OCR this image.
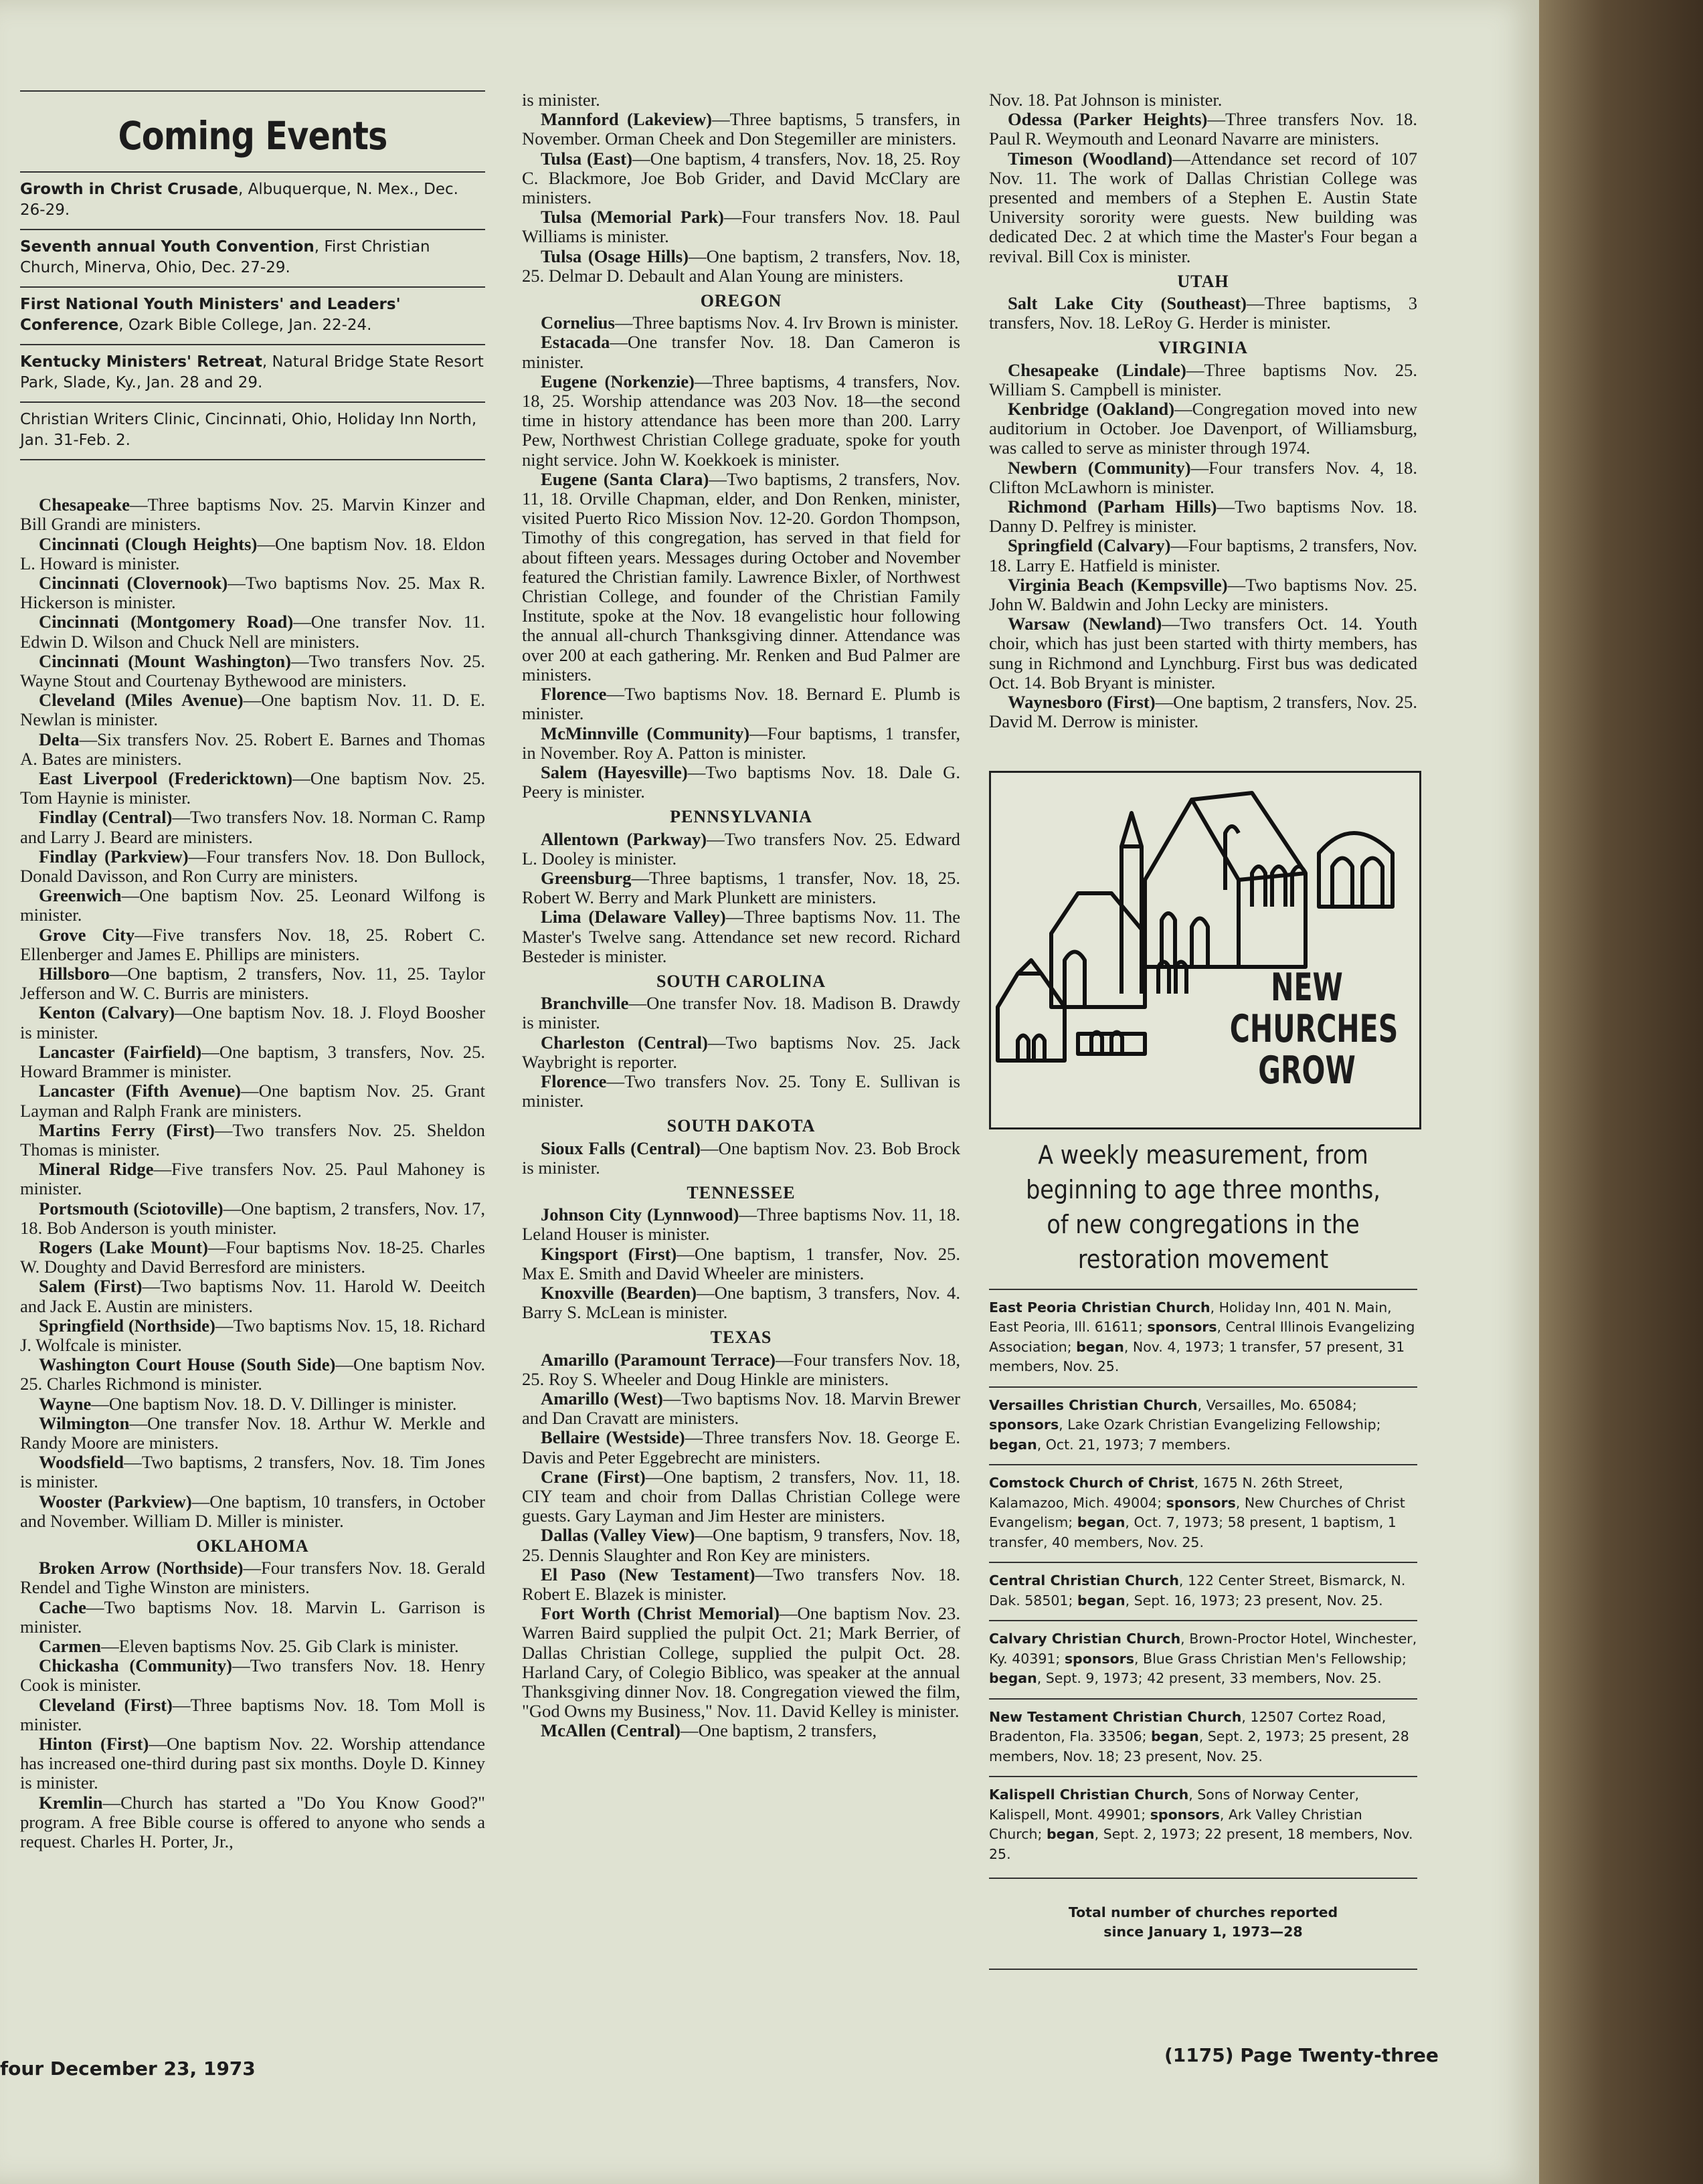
Coming Events
Growth in Christ Crusade, Albuquerque, N. Mex., Dec. 26-29.
Seventh annual Youth Convention, First Christian Church, Minerva, Ohio, Dec. 27-29.
First National Youth Ministers' and Leaders' Conference, Ozark Bible College, Jan. 22-24.
Kentucky Ministers' Retreat, Natural Bridge State Resort Park, Slade, Ky., Jan. 28 and 29.
Christian Writers Clinic, Cincinnati, Ohio, Holiday Inn North, Jan. 31-Feb. 2.

Chesapeake—Three baptisms Nov. 25. Marvin Kinzer and Bill Grandi are ministers.

Cincinnati (Clough Heights)—One baptism Nov. 18. Eldon L. Howard is minister.

Cincinnati (Clovernook)—Two baptisms Nov. 25. Max R. Hickerson is minister.

Cincinnati (Montgomery Road)—One transfer Nov. 11. Edwin D. Wilson and Chuck Nell are ministers.

Cincinnati (Mount Washington)—Two transfers Nov. 25. Wayne Stout and Courtenay Bythewood are ministers.

Cleveland (Miles Avenue)—One baptism Nov. 11. D. E. Newlan is minister.

Delta—Six transfers Nov. 25. Robert E. Barnes and Thomas A. Bates are ministers.

East Liverpool (Fredericktown)—One baptism Nov. 25. Tom Haynie is minister.

Findlay (Central)—Two transfers Nov. 18. Norman C. Ramp and Larry J. Beard are ministers.

Findlay (Parkview)—Four transfers Nov. 18. Don Bullock, Donald Davisson, and Ron Curry are ministers.

Greenwich—One baptism Nov. 25. Leonard Wilfong is minister.

Grove City—Five transfers Nov. 18, 25. Robert C. Ellenberger and James E. Phillips are ministers.

Hillsboro—One baptism, 2 transfers, Nov. 11, 25. Taylor Jefferson and W. C. Burris are ministers.

Kenton (Calvary)—One baptism Nov. 18. J. Floyd Boosher is minister.

Lancaster (Fairfield)—One baptism, 3 transfers, Nov. 25. Howard Brammer is minister.

Lancaster (Fifth Avenue)—One baptism Nov. 25. Grant Layman and Ralph Frank are ministers.

Martins Ferry (First)—Two transfers Nov. 25. Sheldon Thomas is minister.

Mineral Ridge—Five transfers Nov. 25. Paul Mahoney is minister.

Portsmouth (Sciotoville)—One baptism, 2 transfers, Nov. 17, 18. Bob Anderson is youth minister.

Rogers (Lake Mount)—Four baptisms Nov. 18-25. Charles W. Doughty and David Berresford are ministers.

Salem (First)—Two baptisms Nov. 11. Harold W. Deeitch and Jack E. Austin are ministers.

Springfield (Northside)—Two baptisms Nov. 15, 18. Richard J. Wolfcale is minister.

Washington Court House (South Side)—One baptism Nov. 25. Charles Richmond is minister.

Wayne—One baptism Nov. 18. D. V. Dillinger is minister.

Wilmington—One transfer Nov. 18. Arthur W. Merkle and Randy Moore are ministers.

Woodsfield—Two baptisms, 2 transfers, Nov. 18. Tim Jones is minister.

Wooster (Parkview)—One baptism, 10 transfers, in October and November. William D. Miller is minister.

OKLAHOMA

Broken Arrow (Northside)—Four transfers Nov. 18. Gerald Rendel and Tighe Winston are ministers.

Cache—Two baptisms Nov. 18. Marvin L. Garrison is minister.

Carmen—Eleven baptisms Nov. 25. Gib Clark is minister.

Chickasha (Community)—Two transfers Nov. 18. Henry Cook is minister.

Cleveland (First)—Three baptisms Nov. 18. Tom Moll is minister.

Hinton (First)—One baptism Nov. 22. Worship attendance has increased one-third during past six months. Doyle D. Kinney is minister.

Kremlin—Church has started a "Do You Know Good?" program. A free Bible course is offered to anyone who sends a request. Charles H. Porter, Jr.,

is minister.

Mannford (Lakeview)—Three baptisms, 5 transfers, in November. Orman Cheek and Don Stegemiller are ministers.

Tulsa (East)—One baptism, 4 transfers, Nov. 18, 25. Roy C. Blackmore, Joe Bob Grider, and David McClary are ministers.

Tulsa (Memorial Park)—Four transfers Nov. 18. Paul Williams is minister.

Tulsa (Osage Hills)—One baptism, 2 transfers, Nov. 18, 25. Delmar D. Debault and Alan Young are ministers.

OREGON

Cornelius—Three baptisms Nov. 4. Irv Brown is minister.

Estacada—One transfer Nov. 18. Dan Cameron is minister.

Eugene (Norkenzie)—Three baptisms, 4 transfers, Nov. 18, 25. Worship attendance was 203 Nov. 18—the second time in history attendance has been more than 200. Larry Pew, Northwest Christian College graduate, spoke for youth night service. John W. Koekkoek is minister.

Eugene (Santa Clara)—Two baptisms, 2 transfers, Nov. 11, 18. Orville Chapman, elder, and Don Renken, minister, visited Puerto Rico Mission Nov. 12-20. Gordon Thompson, Timothy of this congregation, has served in that field for about fifteen years. Messages during October and November featured the Christian family. Lawrence Bixler, of Northwest Christian College, and founder of the Christian Family Institute, spoke at the Nov. 18 evangelistic hour following the annual all-church Thanksgiving dinner. Attendance was over 200 at each gathering. Mr. Renken and Bud Palmer are ministers.

Florence—Two baptisms Nov. 18. Bernard E. Plumb is minister.

McMinnville (Community)—Four baptisms, 1 transfer, in November. Roy A. Patton is minister.

Salem (Hayesville)—Two baptisms Nov. 18. Dale G. Peery is minister.

PENNSYLVANIA

Allentown (Parkway)—Two transfers Nov. 25. Edward L. Dooley is minister.

Greensburg—Three baptisms, 1 transfer, Nov. 18, 25. Robert W. Berry and Mark Plunkett are ministers.

Lima (Delaware Valley)—Three baptisms Nov. 11. The Master's Twelve sang. Attendance set new record. Richard Besteder is minister.

SOUTH CAROLINA

Branchville—One transfer Nov. 18. Madison B. Drawdy is minister.

Charleston (Central)—Two baptisms Nov. 25. Jack Waybright is reporter.

Florence—Two transfers Nov. 25. Tony E. Sullivan is minister.

SOUTH DAKOTA

Sioux Falls (Central)—One baptism Nov. 23. Bob Brock is minister.

TENNESSEE

Johnson City (Lynnwood)—Three baptisms Nov. 11, 18. Leland Houser is minister.

Kingsport (First)—One baptism, 1 transfer, Nov. 25. Max E. Smith and David Wheeler are ministers.

Knoxville (Bearden)—One baptism, 3 transfers, Nov. 4. Barry S. McLean is minister.

TEXAS

Amarillo (Paramount Terrace)—Four transfers Nov. 18, 25. Roy S. Wheeler and Doug Hinkle are ministers.

Amarillo (West)—Two baptisms Nov. 18. Marvin Brewer and Dan Cravatt are ministers.

Bellaire (Westside)—Three transfers Nov. 18. George E. Davis and Peter Eggebrecht are ministers.

Crane (First)—One baptism, 2 transfers, Nov. 11, 18. CIY team and choir from Dallas Christian College were guests. Gary Layman and Jim Hester are ministers.

Dallas (Valley View)—One baptism, 9 transfers, Nov. 18, 25. Dennis Slaughter and Ron Key are ministers.

El Paso (New Testament)—Two transfers Nov. 18. Robert E. Blazek is minister.

Fort Worth (Christ Memorial)—One baptism Nov. 23. Warren Baird supplied the pulpit Oct. 21; Mark Berrier, of Dallas Christian College, supplied the pulpit Oct. 28. Harland Cary, of Colegio Biblico, was speaker at the annual Thanksgiving dinner Nov. 18. Congregation viewed the film, "God Owns my Business," Nov. 11. David Kelley is minister.

McAllen (Central)—One baptism, 2 transfers,

Nov. 18. Pat Johnson is minister.

Odessa (Parker Heights)—Three transfers Nov. 18. Paul R. Weymouth and Leonard Navarre are ministers.

Timeson (Woodland)—Attendance set record of 107 Nov. 11. The work of Dallas Christian College was presented and members of a Stephen E. Austin State University sorority were guests. New building was dedicated Dec. 2 at which time the Master's Four began a revival. Bill Cox is minister.

UTAH

Salt Lake City (Southeast)—Three baptisms, 3 transfers, Nov. 18. LeRoy G. Herder is minister.

VIRGINIA

Chesapeake (Lindale)—Three baptisms Nov. 25. William S. Campbell is minister.

Kenbridge (Oakland)—Congregation moved into new auditorium in October. Joe Davenport, of Williamsburg, was called to serve as minister through 1974.

Newbern (Community)—Four transfers Nov. 4, 18. Clifton McLawhorn is minister.

Richmond (Parham Hills)—Two baptisms Nov. 18. Danny D. Pelfrey is minister.

Springfield (Calvary)—Four baptisms, 2 transfers, Nov. 18. Larry E. Hatfield is minister.

Virginia Beach (Kempsville)—Two baptisms Nov. 25. John W. Baldwin and John Lecky are ministers.

Warsaw (Newland)—Two transfers Oct. 14. Youth choir, which has just been started with thirty members, has sung in Richmond and Lynchburg. First bus was dedicated Oct. 14. Bob Bryant is minister.

Waynesboro (First)—One baptism, 2 transfers, Nov. 25. David M. Derrow is minister.

NEW
CHURCHES
GROW
A weekly measurement, from beginning to age three months, of new congregations in the restoration movement
East Peoria Christian Church, Holiday Inn, 401 N. Main, East Peoria, Ill. 61611; sponsors, Central Illinois Evangelizing Association; began, Nov. 4, 1973; 1 transfer, 57 present, 31 members, Nov. 25.
Versailles Christian Church, Versailles, Mo. 65084; sponsors, Lake Ozark Christian Evangelizing Fellowship; began, Oct. 21, 1973; 7 members.
Comstock Church of Christ, 1675 N. 26th Street, Kalamazoo, Mich. 49004; sponsors, New Churches of Christ Evangelism; began, Oct. 7, 1973; 58 present, 1 baptism, 1 transfer, 40 members, Nov. 25.
Central Christian Church, 122 Center Street, Bismarck, N. Dak. 58501; began, Sept. 16, 1973; 23 present, Nov. 25.
Calvary Christian Church, Brown-Proctor Hotel, Winchester, Ky. 40391; sponsors, Blue Grass Christian Men's Fellowship; began, Sept. 9, 1973; 42 present, 33 members, Nov. 25.
New Testament Christian Church, 12507 Cortez Road, Bradenton, Fla. 33506; began, Sept. 2, 1973; 25 present, 28 members, Nov. 18; 23 present, Nov. 25.
Kalispell Christian Church, Sons of Norway Center, Kalispell, Mont. 49901; sponsors, Ark Valley Christian Church; began, Sept. 2, 1973; 22 present, 18 members, Nov. 25.
Total number of churches reported
since January 1, 1973—28
four December 23, 1973
(1175) Page Twenty-three
